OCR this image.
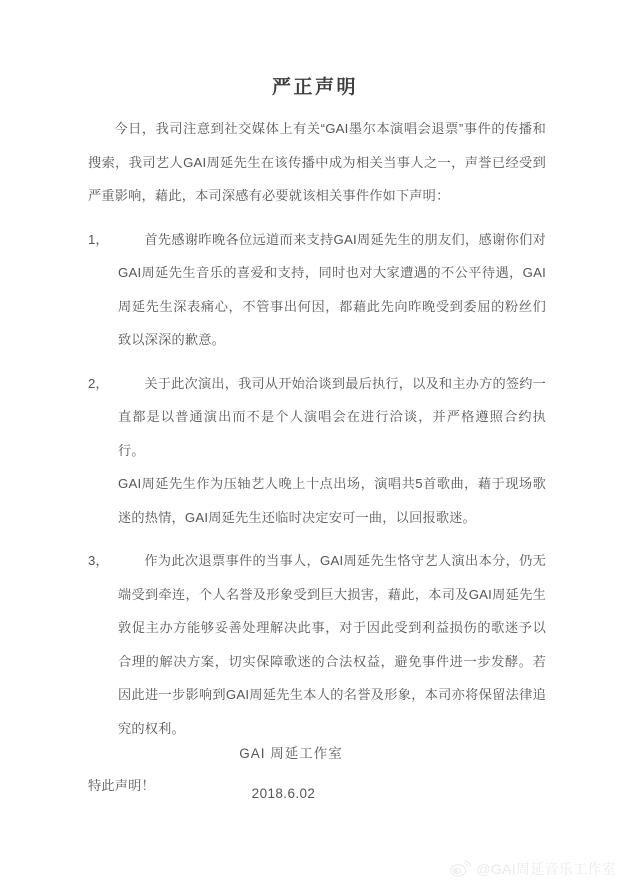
严正声明

今日，我司注意到社交媒体上有关“GAI墨尔本演唱会退票”事件的传播和搜索，我司艺人GAI周延先生在该传播中成为相关当事人之一，声誉已经受到严重影响，藉此，本司深感有必要就该相关事件作如下声明：

1，	首先感谢昨晚各位远道而来支持GAI周延先生的朋友们，感谢你们对GAI周延先生音乐的喜爱和支持，同时也对大家遭遇的不公平待遇，GAI周延先生深表痛心，不管事出何因，都藉此先向昨晚受到委屈的粉丝们致以深深的歉意。
2，	关于此次演出，我司从开始洽谈到最后执行，以及和主办方的签约一直都是以普通演出而不是个人演唱会在进行洽谈，并严格遵照合约执行。
GAI周延先生作为压轴艺人晚上十点出场，演唱共5首歌曲，藉于现场歌迷的热情，GAI周延先生还临时决定安可一曲，以回报歌迷。
3，	作为此次退票事件的当事人，GAI周延先生恪守艺人演出本分，仍无端受到牵连，个人名誉及形象受到巨大损害，藉此，本司及GAI周延先生敦促主办方能够妥善处理解决此事，对于因此受到利益损伤的歌迷予以合理的解决方案，切实保障歌迷的合法权益，避免事件进一步发酵。若因此进一步影响到GAI周延先生本人的名誉及形象，本司亦将保留法律追究的权利。
特此声明！
GAI 周延工作室
2018.6.02
@GAI周延音乐工作室
